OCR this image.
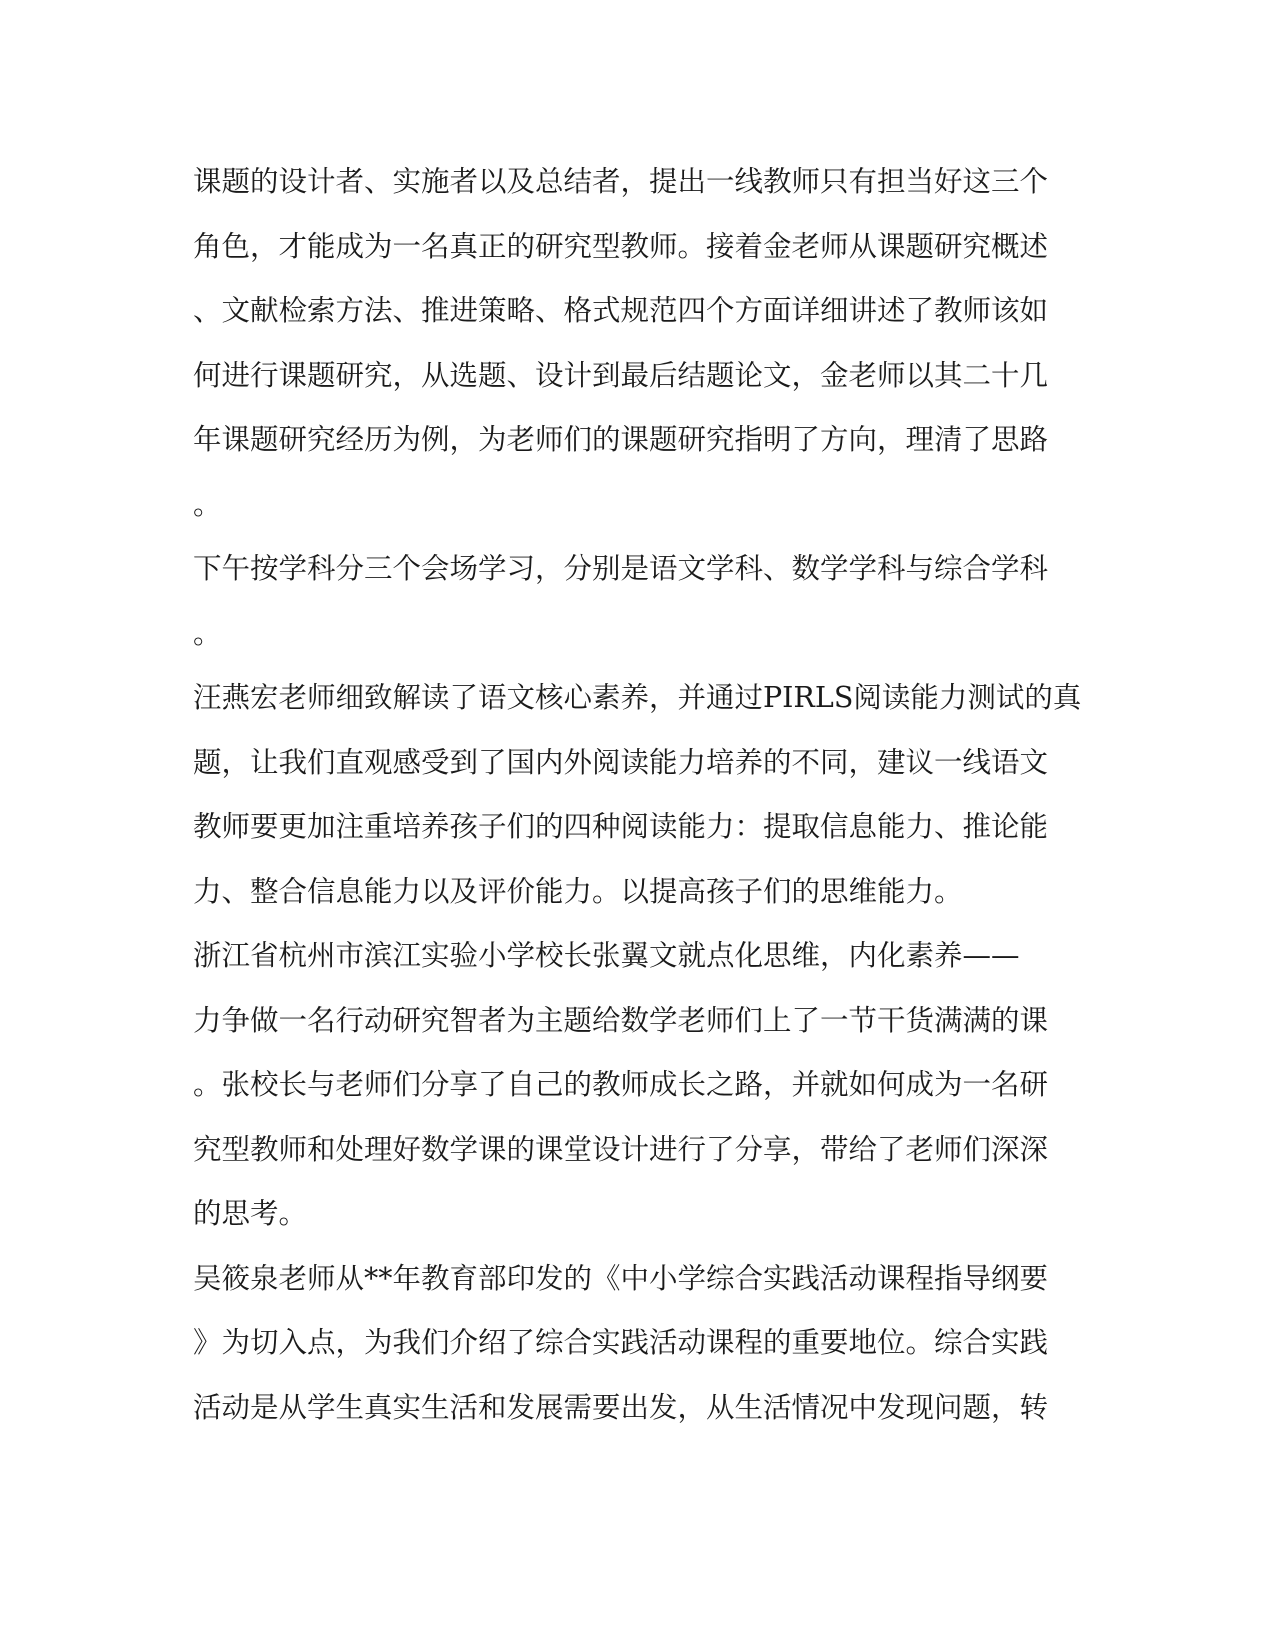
课题的设计者、实施者以及总结者，提出一线教师只有担当好这三个
角色，才能成为一名真正的研究型教师。接着金老师从课题研究概述
、文献检索方法、推进策略、格式规范四个方面详细讲述了教师该如
何进行课题研究，从选题、设计到最后结题论文，金老师以其二十几
年课题研究经历为例，为老师们的课题研究指明了方向，理清了思路
。
下午按学科分三个会场学习，分别是语文学科、数学学科与综合学科
。
汪燕宏老师细致解读了语文核心素养，并通过PIRLS阅读能力测试的真
题，让我们直观感受到了国内外阅读能力培养的不同，建议一线语文
教师要更加注重培养孩子们的四种阅读能力：提取信息能力、推论能
力、整合信息能力以及评价能力。以提高孩子们的思维能力。
浙江省杭州市滨江实验小学校长张翼文就点化思维，内化素养——
力争做一名行动研究智者为主题给数学老师们上了一节干货满满的课
。张校长与老师们分享了自己的教师成长之路，并就如何成为一名研
究型教师和处理好数学课的课堂设计进行了分享，带给了老师们深深
的思考。
吴筱泉老师从**年教育部印发的《中小学综合实践活动课程指导纲要
》为切入点，为我们介绍了综合实践活动课程的重要地位。综合实践
活动是从学生真实生活和发展需要出发，从生活情况中发现问题，转
